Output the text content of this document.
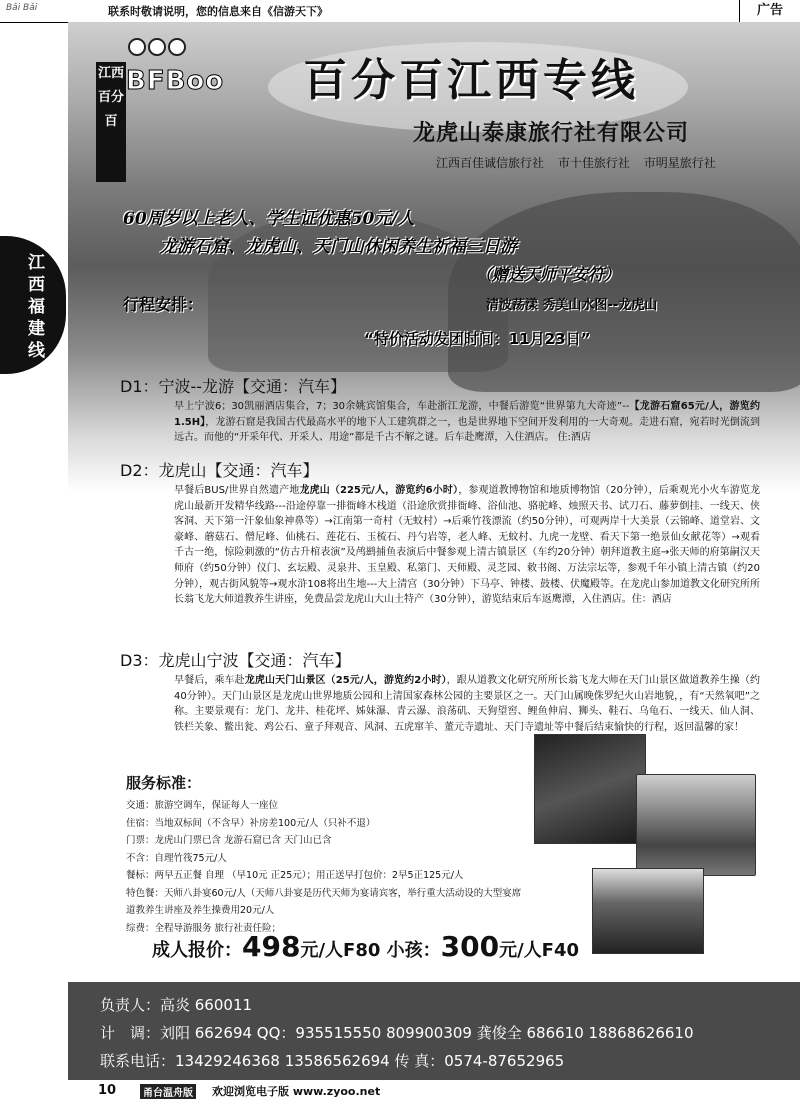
Bǎi Bǎi	联系时敬请说明，您的信息来自《信游天下》	广告
江西福建线
江西百分百
BFBoo 百分百江西专线
龙虎山泰康旅行社有限公司
江西百佳诚信旅行社 市十佳旅行社 市明星旅行社
60周岁以上老人、学生证优惠50元/人
龙游石窟、龙虎山、天门山休闲养生祈福三日游
（赠送天师平安符）
行程安排：	清波荡漾 秀美山水图--龙虎山
“特价活动发团时间：11月23日”
D1：宁波--龙游【交通：汽车】

早上宁波6；30凯丽酒店集合，7；30余姚宾馆集合，车赴浙江龙游，中餐后游览“世界第九大奇迹”--【龙游石窟65元/人，游览约1.5H】，龙游石窟是我国古代最高水平的地下人工建筑群之一，也是世界地下空间开发利用的一大奇观。走进石窟，宛若时光倒流到远古。而他的“开采年代、开采人、用途”都是千古不解之谜。后车赴鹰潭，入住酒店。 住:酒店

D2：龙虎山【交通：汽车】

早餐后BUS/世界自然遗产地龙虎山（225元/人，游览约6小时），参观道教博物馆和地质博物馆（20分钟），后乘观光小火车游览龙虎山最新开发精华线路---沿途停靠一排衙峰木栈道（沿途欣赏排衙峰、浴仙池、骆驼峰、烛照天书、试刀石、藤萝倒挂、一线天、侠客洞、天下第一汗象仙象神鼻等）→江南第一奇村（无蚊村）→后乘竹筏漂流（约50分钟），可观两岸十大美景（云锦峰、道堂岩、文豪峰、蘑菇石、僧尼峰、仙桃石、莲花石、玉梳石、丹勺岩等，老人峰、无蚊村、九虎一龙壁、看天下第一绝景仙女献花等）→观看千古一绝，惊险刺激的“仿古升棺表演”及鸬鹚捕鱼表演后中餐参观上清古镇景区（车约20分钟）朝拜道教主庭→张天师的府第嗣汉天师府（约50分钟）仪门、玄坛殿、灵泉井、玉皇殿、私第门、天师殿、灵芝园、敕书阁、万法宗坛等，参观千年小镇上清古镇（约20分钟），观古街风貌等→观水浒108将出生地---大上清宫（30分钟）下马亭、钟楼、鼓楼、伏魔殿等。在龙虎山参加道教文化研究所所长翁飞龙大师道教养生讲座，免费品尝龙虎山大山土特产（30分钟），游览结束后车返鹰潭，入住酒店。住：酒店

D3：龙虎山宁波【交通：汽车】

早餐后，乘车赴龙虎山天门山景区（25元/人，游览约2小时），跟从道教文化研究所所长翁飞龙大师在天门山景区做道教养生操（约40分钟）。天门山景区是龙虎山世界地质公园和上清国家森林公园的主要景区之一。天门山属晚侏罗纪火山岩地貌，，有“天然氧吧”之称。主要景观有：龙门、龙井、桂花坪、姊妹瀑、青云瀑、浪荡矶、天狗望窖、鲤鱼伸肩、狮头、鞋石、乌龟石、一线天、仙人洞、铁栏关象、鳖出瓮、鸡公石、童子拜观音、风洞、五虎窜羊、董元寺遗址、天门寺遗址等中餐后结束愉快的行程，返回温馨的家！

服务标准：
交通：旅游空调车，保证每人一座位
住宿：当地双标间（不含早）补房差100元/人（只补不退）
门票：龙虎山门票已含 龙游石窟已含 天门山已含
不含：自理竹筏75元/人
餐标：两早五正餐 自理 （早10元 正25元）；用正送早打包价：2早5正125元/人
特色餐：天师八卦宴60元/人（天师八卦宴是历代天师为宴请宾客，举行重大活动设的大型宴席
道教养生讲座及养生操费用20元/人
综费：全程导游服务 旅行社责任险；
成人报价：498元/人F80 小孩：300元/人F40
负责人：高炎 660011
计　调：刘阳 662694 QQ：935515550 809900309 龚俊全 686610 18868626610
联系电话：13429246368 13586562694 传 真：0574-87652965
10	甬台温舟版 欢迎浏览电子版 www.zyoo.net
